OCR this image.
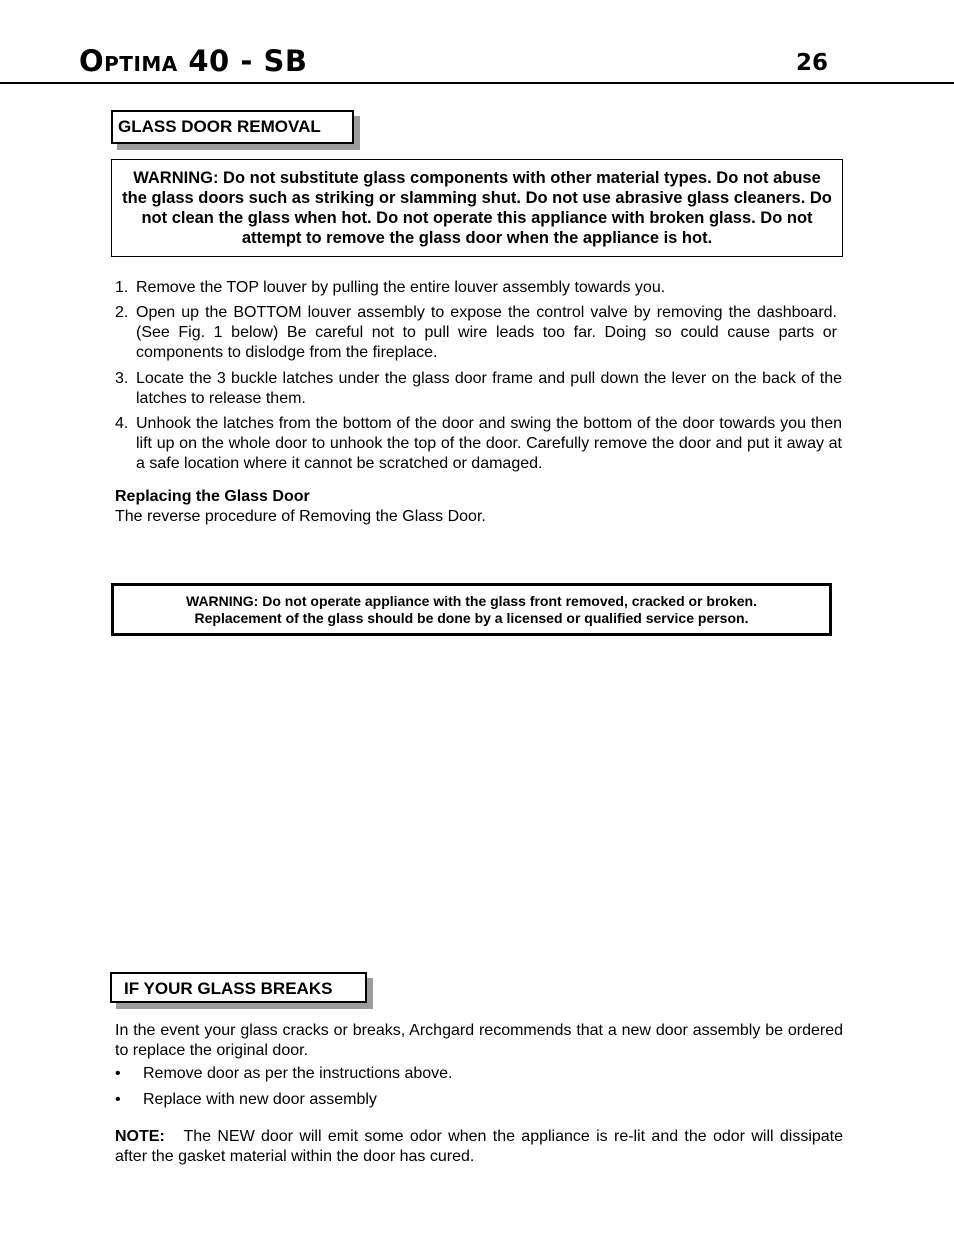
Optima 40 - SB	26
GLASS DOOR REMOVAL
WARNING: Do not substitute glass components with other material types. Do not abuse the glass doors such as striking or slamming shut. Do not use abrasive glass cleaners. Do not clean the glass when hot. Do not operate this appliance with broken glass. Do not attempt to remove the glass door when the appliance is hot.
1. Remove the TOP louver by pulling the entire louver assembly towards you.
2. Open up the BOTTOM louver assembly to expose the control valve by removing the dashboard. (See Fig. 1 below) Be careful not to pull wire leads too far. Doing so could cause parts or components to dislodge from the fireplace.
3. Locate the 3 buckle latches under the glass door frame and pull down the lever on the back of the latches to release them.
4. Unhook the latches from the bottom of the door and swing the bottom of the door towards you then lift up on the whole door to unhook the top of the door. Carefully remove the door and put it away at a safe location where it cannot be scratched or damaged.
Replacing the Glass Door
The reverse procedure of Removing the Glass Door.
WARNING: Do not operate appliance with the glass front removed, cracked or broken.
Replacement of the glass should be done by a licensed or qualified service person.
IF YOUR GLASS BREAKS
In the event your glass cracks or breaks, Archgard recommends that a new door assembly be ordered to replace the original door.
• Remove door as per the instructions above.
• Replace with new door assembly
NOTE: The NEW door will emit some odor when the appliance is re-lit and the odor will dissipate after the gasket material within the door has cured.
